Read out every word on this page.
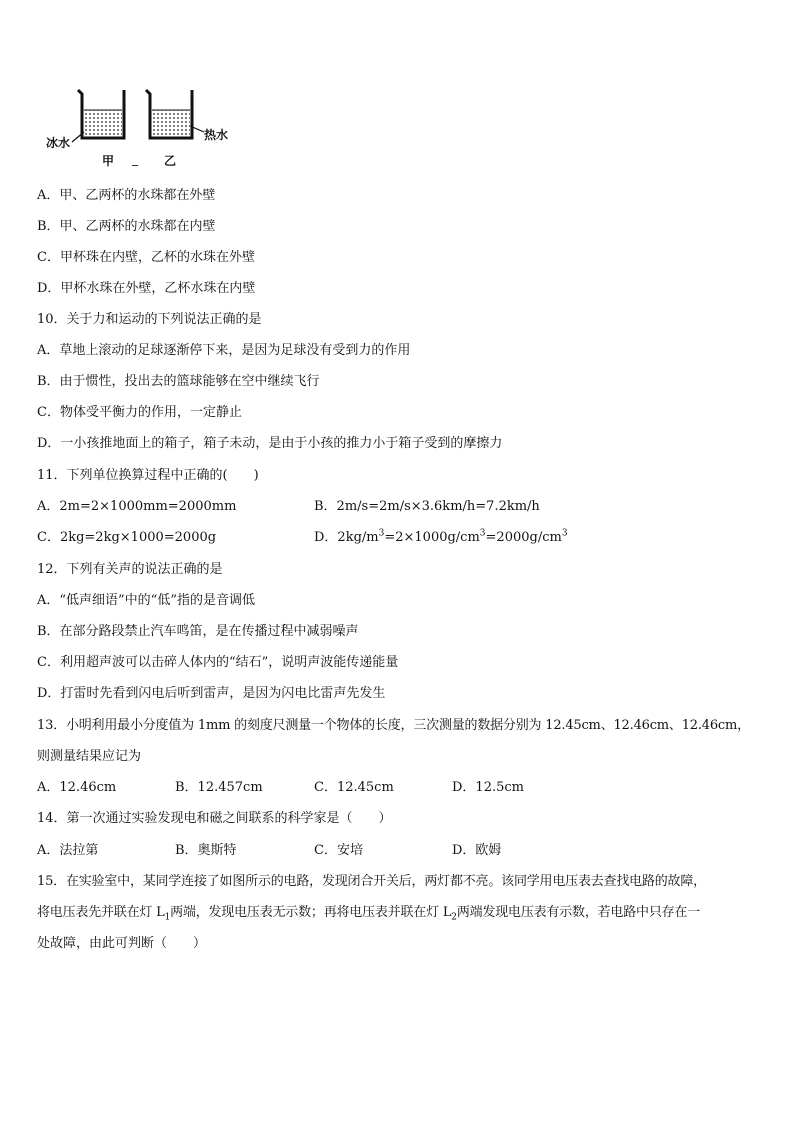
冰水
热水
甲 _ 乙
A．甲、乙两杯的水珠都在外壁
B．甲、乙两杯的水珠都在内壁
C．甲杯珠在内壁，乙杯的水珠在外壁
D．甲杯水珠在外壁，乙杯水珠在内壁
10．关于力和运动的下列说法正确的是
A．草地上滚动的足球逐渐停下来，是因为足球没有受到力的作用
B．由于惯性，投出去的篮球能够在空中继续飞行
C．物体受平衡力的作用，一定静止
D．一小孩推地面上的箱子，箱子未动，是由于小孩的推力小于箱子受到的摩擦力
11．下列单位换算过程中正确的(　　)
A．2m=2×1000mm=2000mm	B．2m/s=2m/s×3.6km/h=7.2km/h
C．2kg=2kg×1000=2000g	D．$2kg/m^3=2\times 1000g/cm^3=2000g/cm^3$
12．下列有关声的说法正确的是
A．“低声细语”中的“低”指的是音调低
B．在部分路段禁止汽车鸣笛，是在传播过程中减弱噪声
C．利用超声波可以击碎人体内的“结石”，说明声波能传递能量
D．打雷时先看到闪电后听到雷声，是因为闪电比雷声先发生
13．小明利用最小分度值为 1mm 的刻度尺测量一个物体的长度，三次测量的数据分别为 12.45cm、12.46cm、12.46cm，
则测量结果应记为
A．12.46cm	B．12.457cm	C．12.45cm	D．12.5cm
14．第一次通过实验发现电和磁之间联系的科学家是（　　）
A．法拉第	B．奥斯特	C．安培	D．欧姆
15．在实验室中，某同学连接了如图所示的电路，发现闭合开关后，两灯都不亮。该同学用电压表去查找电路的故障，
将电压表先并联在灯 $L_1$两端，发现电压表无示数；再将电压表并联在灯 $L_2$两端发现电压表有示数，若电路中只存在一
处故障，由此可判断（　　）
